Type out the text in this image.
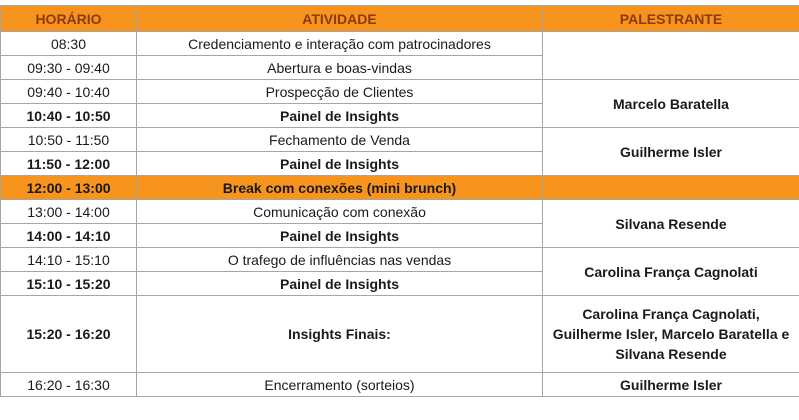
HORÁRIO	ATIVIDADE	PALESTRANTE
08:30	Credenciamento e interação com patrocinadores	
09:30 - 09:40	Abertura e boas-vindas	
09:40 - 10:40	Prospecção de Clientes	Marcelo Baratella
10:40 - 10:50	Painel de Insights	
10:50 - 11:50	Fechamento de Venda	Guilherme Isler
11:50 - 12:00	Painel de Insights	
12:00 - 13:00	Break com conexões (mini brunch)	
13:00 - 14:00	Comunicação com conexão	Silvana Resende
14:00 - 14:10	Painel de Insights	
14:10 - 15:10	O trafego de influências nas vendas	Carolina França Cagnolati
15:10 - 15:20	Painel de Insights	
15:20 - 16:20	Insights Finais:	Carolina França Cagnolati, Guilherme Isler, Marcelo Baratella e Silvana Resende
16:20 - 16:30	Encerramento (sorteios)	Guilherme Isler
